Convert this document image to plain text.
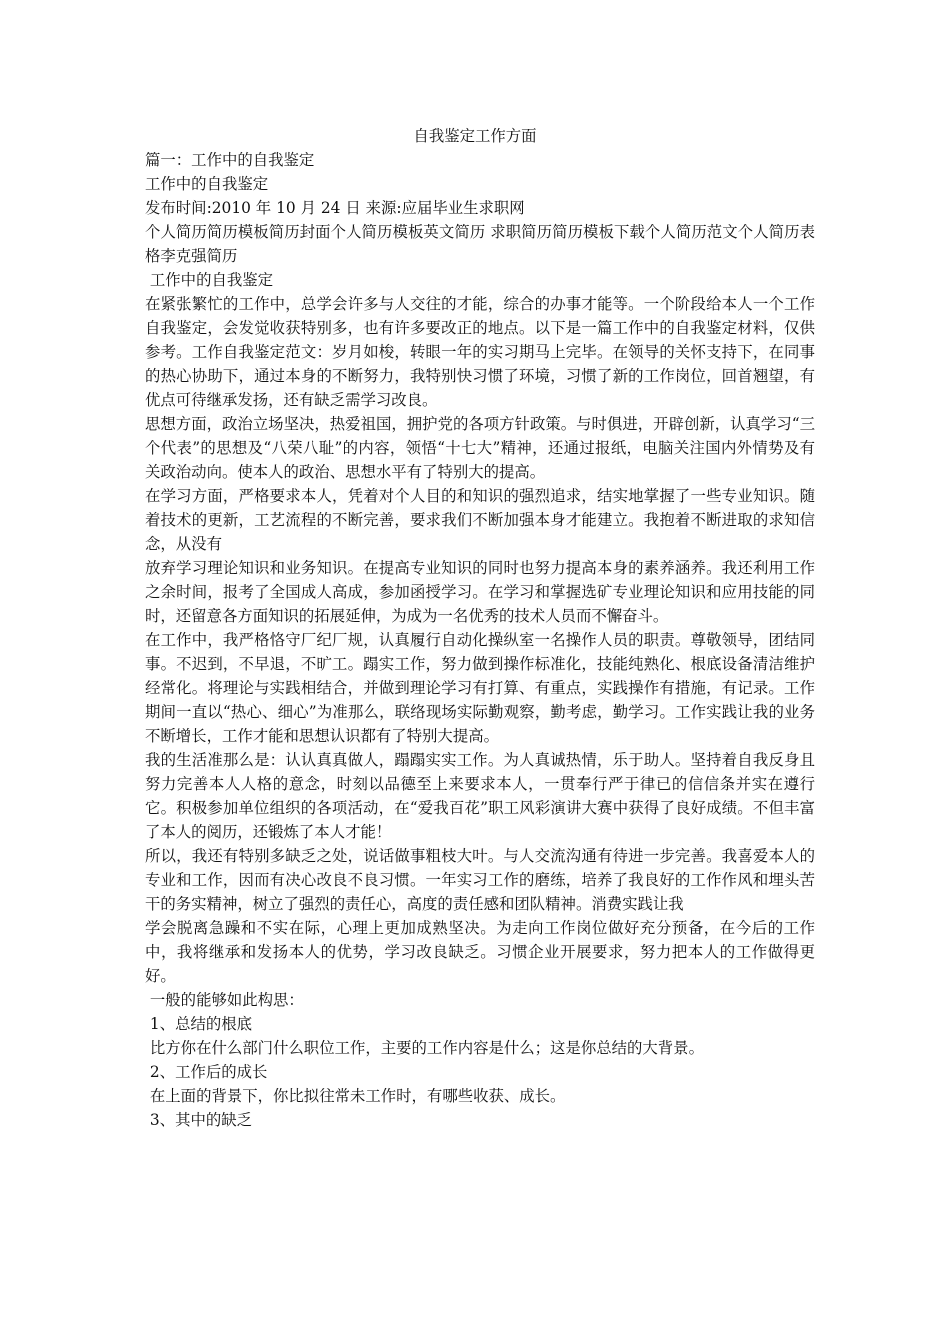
自我鉴定工作方面

篇一：工作中的自我鉴定

工作中的自我鉴定

发布时间:2010 年 10 月 24 日 来源:应届毕业生求职网

个人简历简历模板简历封面个人简历模板英文简历 求职简历简历模板下载个人简历范文个人简历表格李克强简历

工作中的自我鉴定

在紧张繁忙的工作中，总学会许多与人交往的才能，综合的办事才能等。一个阶段给本人一个工作自我鉴定，会发觉收获特别多，也有许多要改正的地点。以下是一篇工作中的自我鉴定材料，仅供参考。工作自我鉴定范文：岁月如梭，转眼一年的实习期马上完毕。在领导的关怀支持下，在同事的热心协助下，通过本身的不断努力，我特别快习惯了环境，习惯了新的工作岗位，回首翘望，有优点可待继承发扬，还有缺乏需学习改良。

思想方面，政治立场坚决，热爱祖国，拥护党的各项方针政策。与时俱进，开辟创新，认真学习“三个代表”的思想及“八荣八耻”的内容，领悟“十七大”精神，还通过报纸，电脑关注国内外情势及有关政治动向。使本人的政治、思想水平有了特别大的提高。

在学习方面，严格要求本人，凭着对个人目的和知识的强烈追求，结实地掌握了一些专业知识。随着技术的更新，工艺流程的不断完善，要求我们不断加强本身才能建立。我抱着不断进取的求知信念，从没有

放弃学习理论知识和业务知识。在提高专业知识的同时也努力提高本身的素养涵养。我还利用工作之余时间，报考了全国成人高成，参加函授学习。在学习和掌握选矿专业理论知识和应用技能的同时，还留意各方面知识的拓展延伸，为成为一名优秀的技术人员而不懈奋斗。

在工作中，我严格恪守厂纪厂规，认真履行自动化操纵室一名操作人员的职责。尊敬领导，团结同事。不迟到，不早退，不旷工。蹋实工作，努力做到操作标准化，技能纯熟化、根底设备清洁维护经常化。将理论与实践相结合，并做到理论学习有打算、有重点，实践操作有措施，有记录。工作期间一直以“热心、细心”为准那么，联络现场实际勤观察，勤考虑，勤学习。工作实践让我的业务不断增长，工作才能和思想认识都有了特别大提高。

我的生活准那么是：认认真真做人，蹋蹋实实工作。为人真诚热情，乐于助人。坚持着自我反身且努力完善本人人格的意念，时刻以品德至上来要求本人，一贯奉行严于律已的信信条并实在遵行它。积极参加单位组织的各项活动，在“爱我百花”职工风彩演讲大赛中获得了良好成绩。不但丰富了本人的阅历，还锻炼了本人才能！

所以，我还有特别多缺乏之处，说话做事粗枝大叶。与人交流沟通有待进一步完善。我喜爱本人的专业和工作，因而有决心改良不良习惯。一年实习工作的磨练，培养了我良好的工作作风和埋头苦干的务实精神，树立了强烈的责任心，高度的责任感和团队精神。消费实践让我

学会脱离急躁和不实在际，心理上更加成熟坚决。为走向工作岗位做好充分预备，在今后的工作中，我将继承和发扬本人的优势，学习改良缺乏。习惯企业开展要求，努力把本人的工作做得更好。

一般的能够如此构思：

1、总结的根底

比方你在什么部门什么职位工作，主要的工作内容是什么；这是你总结的大背景。

2、工作后的成长

在上面的背景下，你比拟往常未工作时，有哪些收获、成长。

3、其中的缺乏
